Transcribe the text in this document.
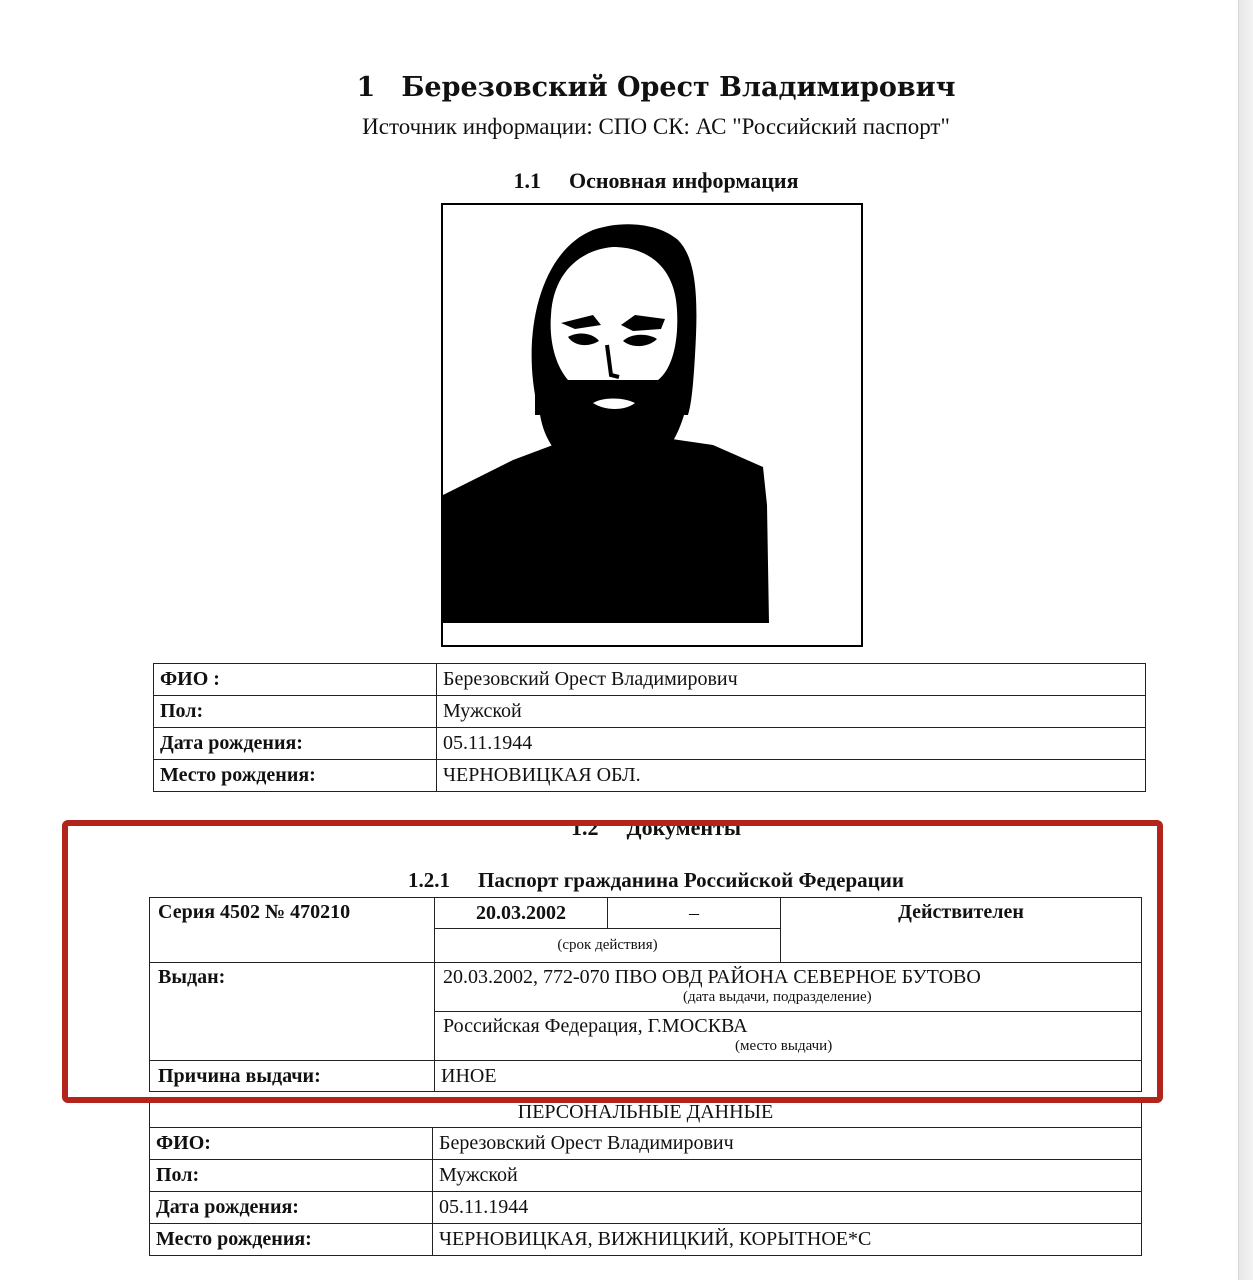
1 Березовский Орест Владимирович
Источник информации: СПО СК: АС "Российский паспорт"
1.1 Основная информация
ФИО :	Березовский Орест Владимирович
Пол:	Мужской
Дата рождения:	05.11.1944
Место рождения:	ЧЕРНОВИЦКАЯ ОБЛ.
1.2 Документы
1.2.1 Паспорт гражданина Российской Федерации
Серия 4502 № 470210	20.03.2002	–	Действителен
	(срок действия)		
Выдан:	20.03.2002, 772-070 ПВО ОВД РАЙОНА СЕВЕРНОЕ БУТОВО
(дата выдачи, подразделение)		

	Российская Федерация, Г.МОСКВА
(место выдачи)		

Причина выдачи:	ИНОЕ		
ПЕРСОНАЛЬНЫЕ ДАННЫЕ	
ФИО:	Березовский Орест Владимирович
Пол:	Мужской
Дата рождения:	05.11.1944
Место рождения:	ЧЕРНОВИЦКАЯ, ВИЖНИЦКИЙ, КОРЫТНОЕ*С
